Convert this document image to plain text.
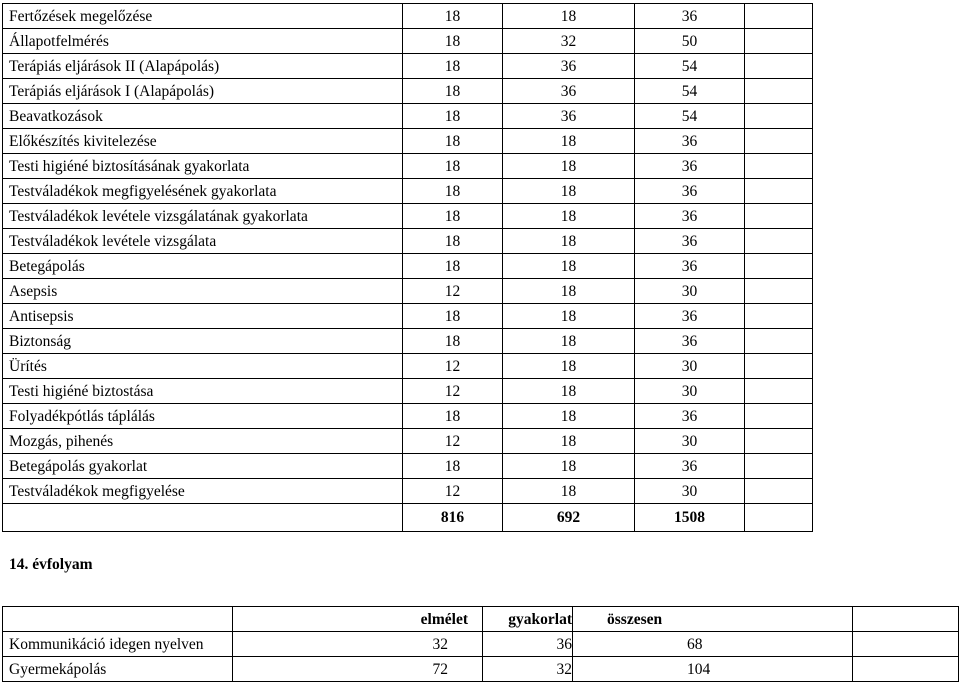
Fertőzések megelőzése	18	18	36	
Állapotfelmérés	18	32	50	
Terápiás eljárások II (Alapápolás)	18	36	54	
Terápiás eljárások I (Alapápolás)	18	36	54	
Beavatkozások	18	36	54	
Előkészítés kivitelezése	18	18	36	
Testi higiéné biztosításának gyakorlata	18	18	36	
Testváladékok megfigyelésének gyakorlata	18	18	36	
Testváladékok levétele vizsgálatának gyakorlata	18	18	36	
Testváladékok levétele vizsgálata	18	18	36	
Betegápolás	18	18	36	
Asepsis	12	18	30	
Antisepsis	18	18	36	
Biztonság	18	18	36	
Ürítés	12	18	30	
Testi higiéné biztostása	12	18	30	
Folyadékpótlás táplálás	18	18	36	
Mozgás, pihenés	12	18	30	
Betegápolás gyakorlat	18	18	36	
Testváladékok megfigyelése	12	18	30	
	816	692	1508	
14. évfolyam
	elmélet	gyakorlat	összesen	
Kommunikáció idegen nyelven	32	36	68	
Gyermekápolás	72	32	104	
